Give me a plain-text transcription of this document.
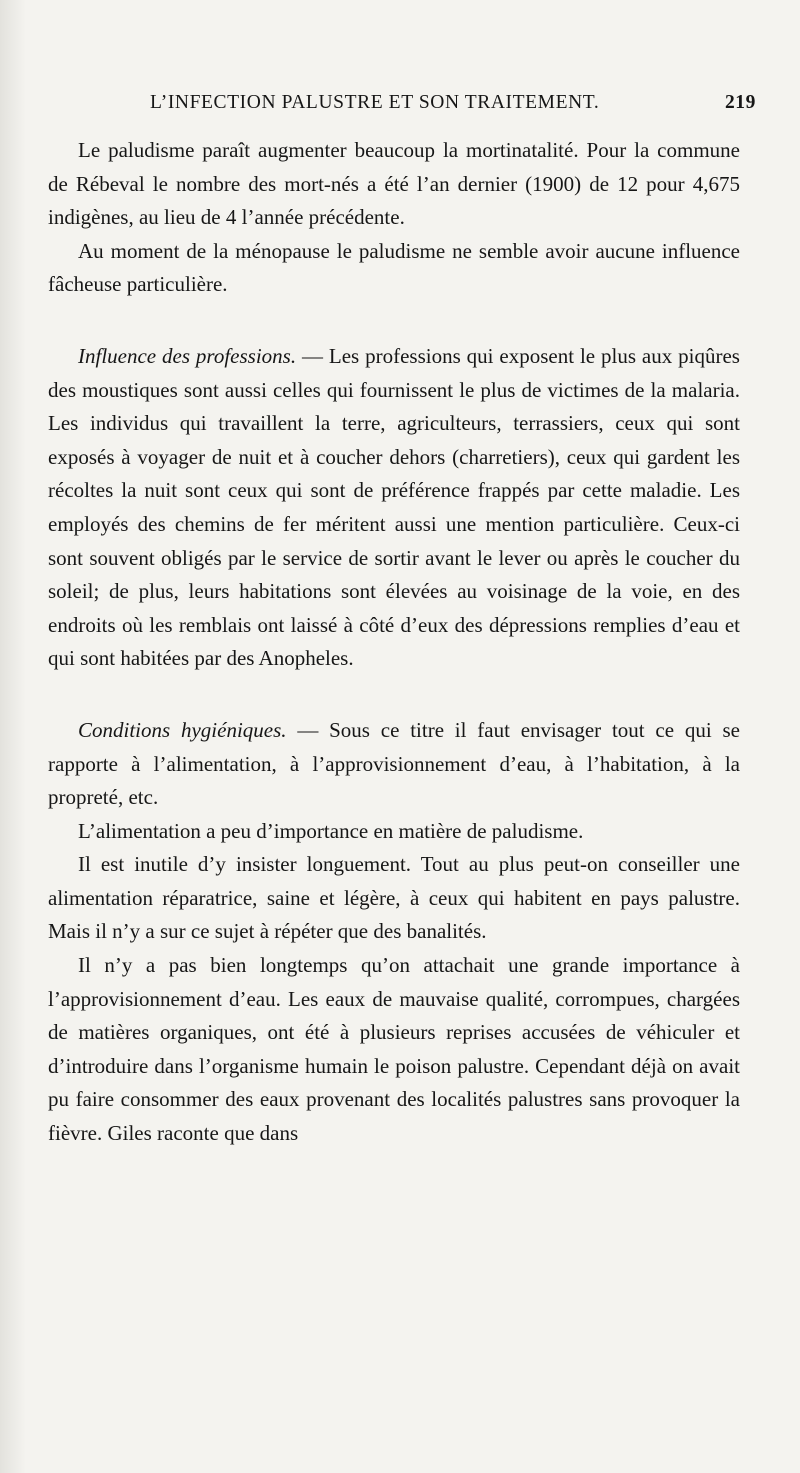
L’INFECTION PALUSTRE ET SON TRAITEMENT.	219

Le paludisme paraît augmenter beaucoup la mortinatalité. Pour la commune de Rébeval le nombre des mort-nés a été l’an dernier (1900) de 12 pour 4,675 indigènes, au lieu de 4 l’année précédente.

Au moment de la ménopause le paludisme ne semble avoir aucune influence fâcheuse particulière.

Influence des professions. — Les professions qui exposent le plus aux piqûres des moustiques sont aussi celles qui fournissent le plus de victimes de la malaria. Les individus qui travaillent la terre, agriculteurs, terrassiers, ceux qui sont exposés à voyager de nuit et à coucher dehors (charretiers), ceux qui gardent les récoltes la nuit sont ceux qui sont de préférence frappés par cette maladie. Les employés des chemins de fer méritent aussi une mention particulière. Ceux-ci sont souvent obligés par le service de sortir avant le lever ou après le coucher du soleil; de plus, leurs habitations sont élevées au voisinage de la voie, en des endroits où les remblais ont laissé à côté d’eux des dépressions remplies d’eau et qui sont habitées par des Anopheles.

Conditions hygiéniques. — Sous ce titre il faut envisager tout ce qui se rapporte à l’alimentation, à l’approvisionnement d’eau, à l’habitation, à la propreté, etc.

L’alimentation a peu d’importance en matière de paludisme.

Il est inutile d’y insister longuement. Tout au plus peut-on conseiller une alimentation réparatrice, saine et légère, à ceux qui habitent en pays palustre. Mais il n’y a sur ce sujet à répéter que des banalités.

Il n’y a pas bien longtemps qu’on attachait une grande importance à l’approvisionnement d’eau. Les eaux de mauvaise qualité, corrompues, chargées de matières organiques, ont été à plusieurs reprises accusées de véhiculer et d’introduire dans l’organisme humain le poison palustre. Cependant déjà on avait pu faire consommer des eaux provenant des localités palustres sans provoquer la fièvre. Giles raconte que dans
